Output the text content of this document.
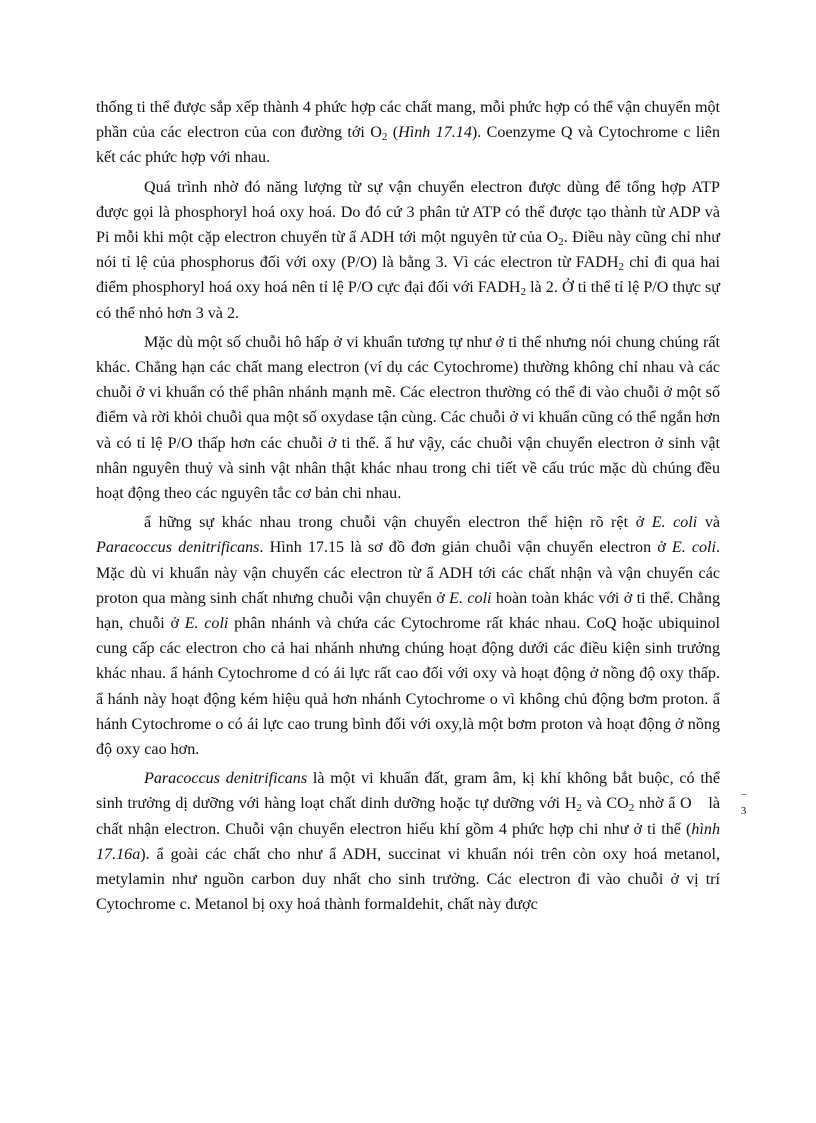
thống ti thể được sắp xếp thành 4 phức hợp các chất mang, mỗi phức hợp có thể vận chuyển một phần của các electron của con đường tới $O_2$ (Hình 17.14). Coenzyme Q và Cytochrome c liên kết các phức hợp với nhau.

Quá trình nhờ đó năng lượng từ sự vận chuyển electron được dùng để tổng hợp ATP được gọi là phosphoryl hoá oxy hoá. Do đó cứ 3 phân tử ATP có thể được tạo thành từ ADP và Pi mỗi khi một cặp electron chuyển từ ẩ ADH tới một nguyên tử của $O_2$. Điều này cũng chỉ như nói tỉ lệ của phosphorus đối với oxy (P/O) là bằng 3. Vì các electron từ $FADH_2$ chỉ đi qua hai điểm phosphoryl hoá oxy hoá nên tỉ lệ P/O cực đại đối với $FADH_2$ là 2. Ở ti thể tỉ lệ P/O thực sự có thể nhỏ hơn 3 và 2.

Mặc dù một số chuỗi hô hấp ở vi khuẩn tương tự như ở ti thể nhưng nói chung chúng rất khác. Chẳng hạn các chất mang electron (ví dụ các Cytochrome) thường không chỉ nhau và các chuỗi ở vi khuẩn có thể phân nhánh mạnh mẽ. Các electron thường có thể đi vào chuỗi ở một số điểm và rời khỏi chuỗi qua một số oxydase tận cùng. Các chuỗi ở vi khuẩn cũng có thể ngắn hơn và có tỉ lệ P/O thấp hơn các chuỗi ở ti thể. ẩ hư vậy, các chuỗi vận chuyển electron ở sinh vật nhân nguyên thuỷ và sinh vật nhân thật khác nhau trong chi tiết về cấu trúc mặc dù chúng đều hoạt động theo các nguyên tắc cơ bản chi nhau.

ẩ hững sự khác nhau trong chuỗi vận chuyển electron thể hiện rõ rệt ở E. coli và Paracoccus denitrificans. Hình 17.15 là sơ đồ đơn giản chuỗi vận chuyển electron ở E. coli. Mặc dù vi khuẩn này vận chuyển các electron từ ẩ ADH tới các chất nhận và vận chuyển các proton qua màng sinh chất nhưng chuỗi vận chuyển ở E. coli hoàn toàn khác với ở ti thể. Chẳng hạn, chuỗi ở E. coli phân nhánh và chứa các Cytochrome rất khác nhau. CoQ hoặc ubiquinol cung cấp các electron cho cả hai nhánh nhưng chúng hoạt động dưới các điều kiện sinh trưởng khác nhau. ẩ hánh Cytochrome d có ái lực rất cao đối với oxy và hoạt động ở nồng độ oxy thấp. ẩ hánh này hoạt động kém hiệu quả hơn nhánh Cytochrome o vì không chủ động bơm proton. ẩ hánh Cytochrome o có ái lực cao trung bình đối với oxy,là một bơm proton và hoạt động ở nồng độ oxy cao hơn.

Paracoccus denitrificans là một vi khuẩn đất, gram âm, kị khí không bắt buộc, có thể sinh trưởng dị dưỡng với hàng loạt chất dinh dưỡng hoặc tự dưỡng với $H_2$ và $CO_2$ nhờ ẩ O	−
3
là chất nhận electron. Chuỗi vận chuyển electron hiếu khí gồm 4 phức hợp chi như ở ti thể (hình 17.16a). ẩ goài các chất cho như ẩ ADH, succinat vi khuẩn nói trên còn oxy hoá metanol, metylamin như nguồn carbon duy nhất cho sinh trưởng. Các electron đi vào chuỗi ở vị trí Cytochrome c. Metanol bị oxy hoá thành formaldehit, chất này được
